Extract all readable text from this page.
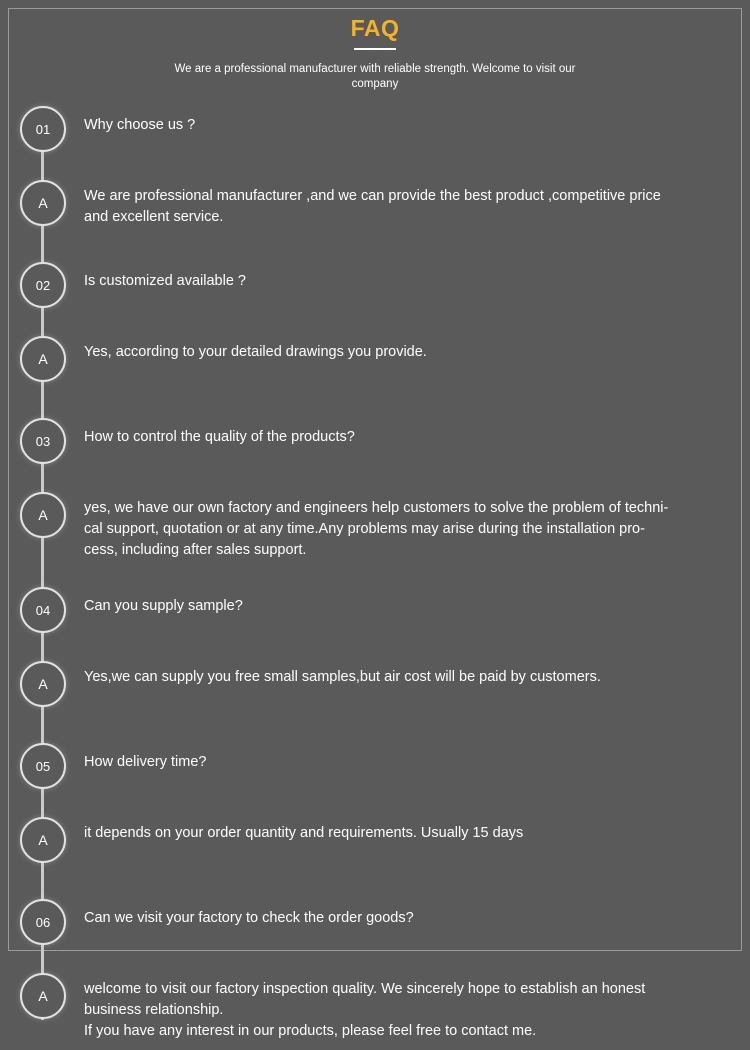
FAQ
We are a professional manufacturer with reliable strength. Welcome to visit our company
01	Why choose us ?
A	We are professional manufacturer ,and we can provide the best product ,competitive price
and excellent service.
02	Is customized available ?
A	Yes, according to your detailed drawings you provide.
03	How to control the quality of the products?
A	yes, we have our own factory and engineers help customers to solve the problem of techni-
cal support, quotation or at any time.Any problems may arise during the installation pro-
cess, including after sales support.
04	Can you supply sample?
A	Yes,we can supply you free small samples,but air cost will be paid by customers.
05	How delivery time?
A	it depends on your order quantity and requirements. Usually 15 days
06	Can we visit your factory to check the order goods?
A	welcome to visit our factory inspection quality. We sincerely hope to establish an honest
business relationship.
If you have any interest in our products, please feel free to contact me.
